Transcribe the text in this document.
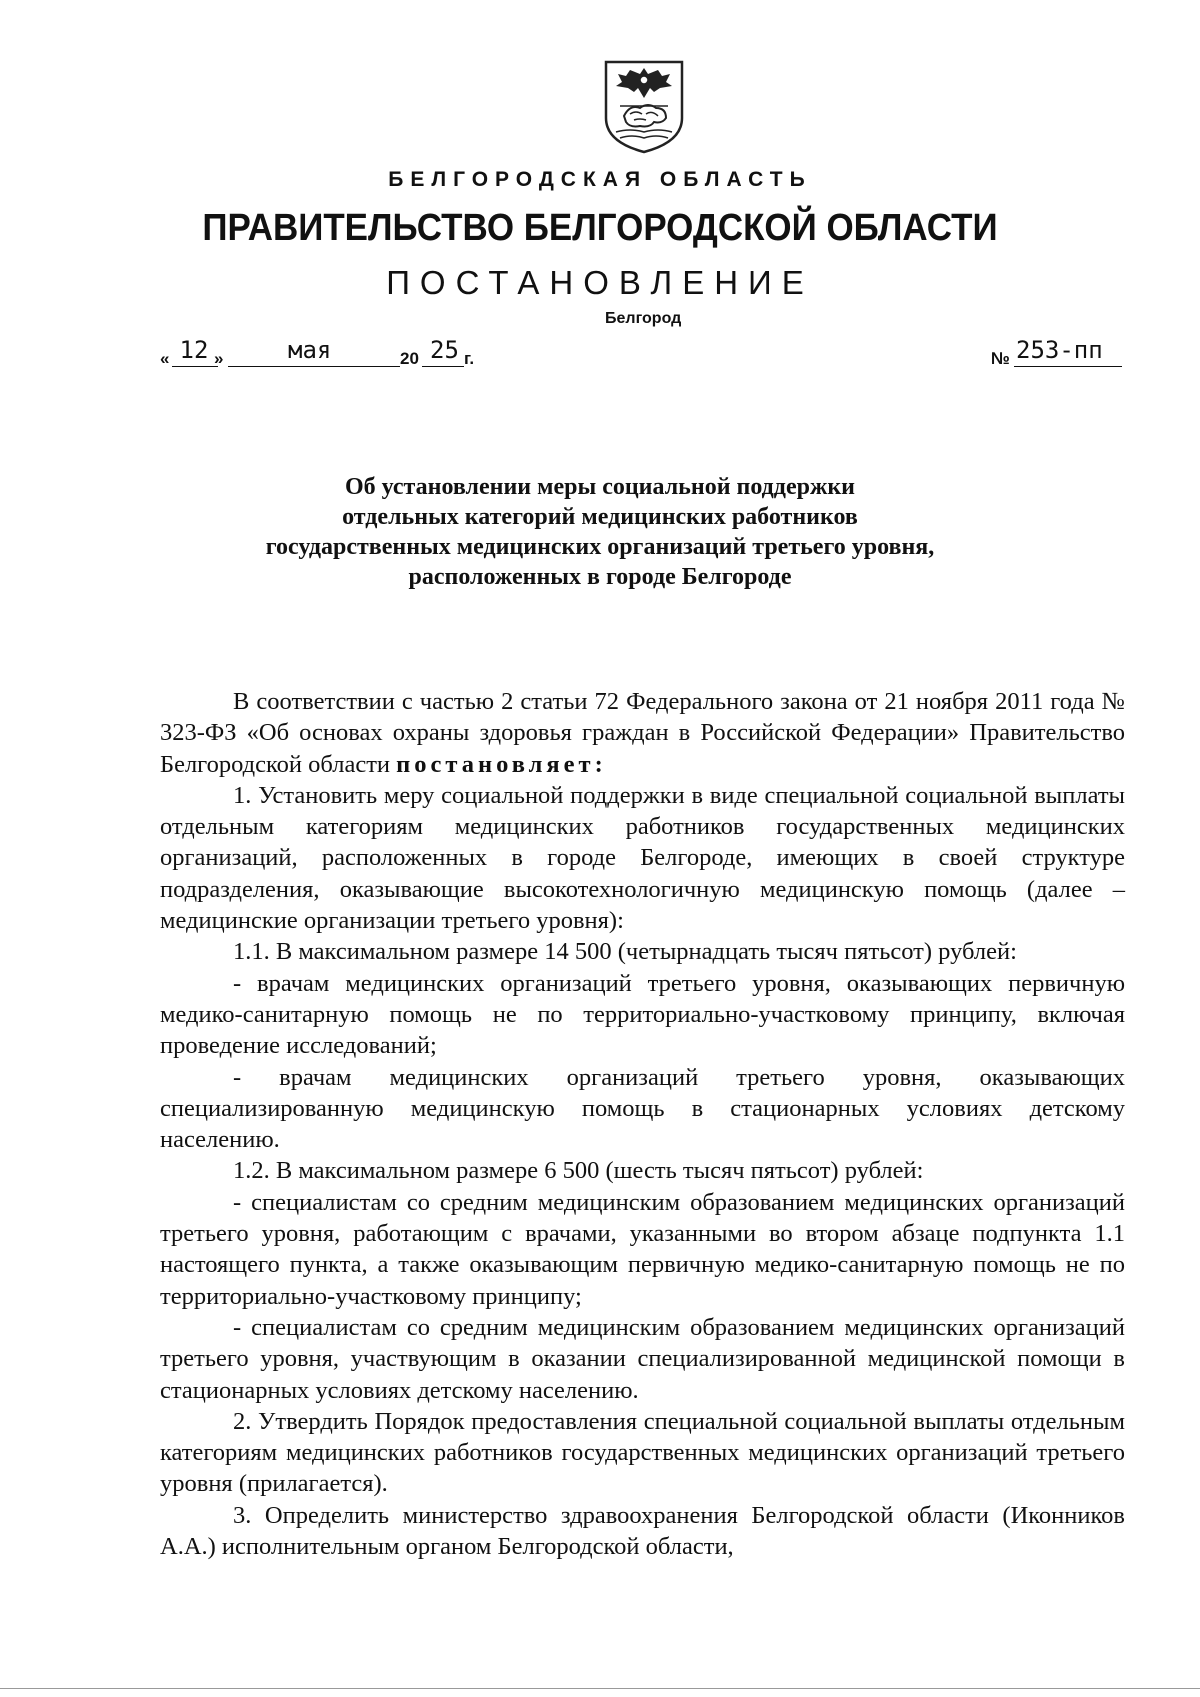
БЕЛГОРОДСКАЯ ОБЛАСТЬ
ПРАВИТЕЛЬСТВО БЕЛГОРОДСКОЙ ОБЛАСТИ
ПОСТАНОВЛЕНИЕ
Белгород
« 12 »	мая	20 25 г.	№ 253-пп
Об установлении меры социальной поддержки
отдельных категорий медицинских работников
государственных медицинских организаций третьего уровня,
расположенных в городе Белгороде

В соответствии с частью 2 статьи 72 Федерального закона от 21 ноября 2011 года № 323-ФЗ «Об основах охраны здоровья граждан в Российской Федерации» Правительство Белгородской области постановляет:

1. Установить меру социальной поддержки в виде специальной социальной выплаты отдельным категориям медицинских работников государственных медицинских организаций, расположенных в городе Белгороде, имеющих в своей структуре подразделения, оказывающие высокотехнологичную медицинскую помощь (далее – медицинские организации третьего уровня):

1.1. В максимальном размере 14 500 (четырнадцать тысяч пятьсот) рублей:

- врачам медицинских организаций третьего уровня, оказывающих первичную медико-санитарную помощь не по территориально-участковому принципу, включая проведение исследований;

- врачам медицинских организаций третьего уровня, оказывающих специализированную медицинскую помощь в стационарных условиях детскому населению.

1.2. В максимальном размере 6 500 (шесть тысяч пятьсот) рублей:

- специалистам со средним медицинским образованием медицинских организаций третьего уровня, работающим с врачами, указанными во втором абзаце подпункта 1.1 настоящего пункта, а также оказывающим первичную медико-санитарную помощь не по территориально-участковому принципу;

- специалистам со средним медицинским образованием медицинских организаций третьего уровня, участвующим в оказании специализированной медицинской помощи в стационарных условиях детскому населению.

2. Утвердить Порядок предоставления специальной социальной выплаты отдельным категориям медицинских работников государственных медицинских организаций третьего уровня (прилагается).

3. Определить министерство здравоохранения Белгородской области (Иконников А.А.) исполнительным органом Белгородской области,
